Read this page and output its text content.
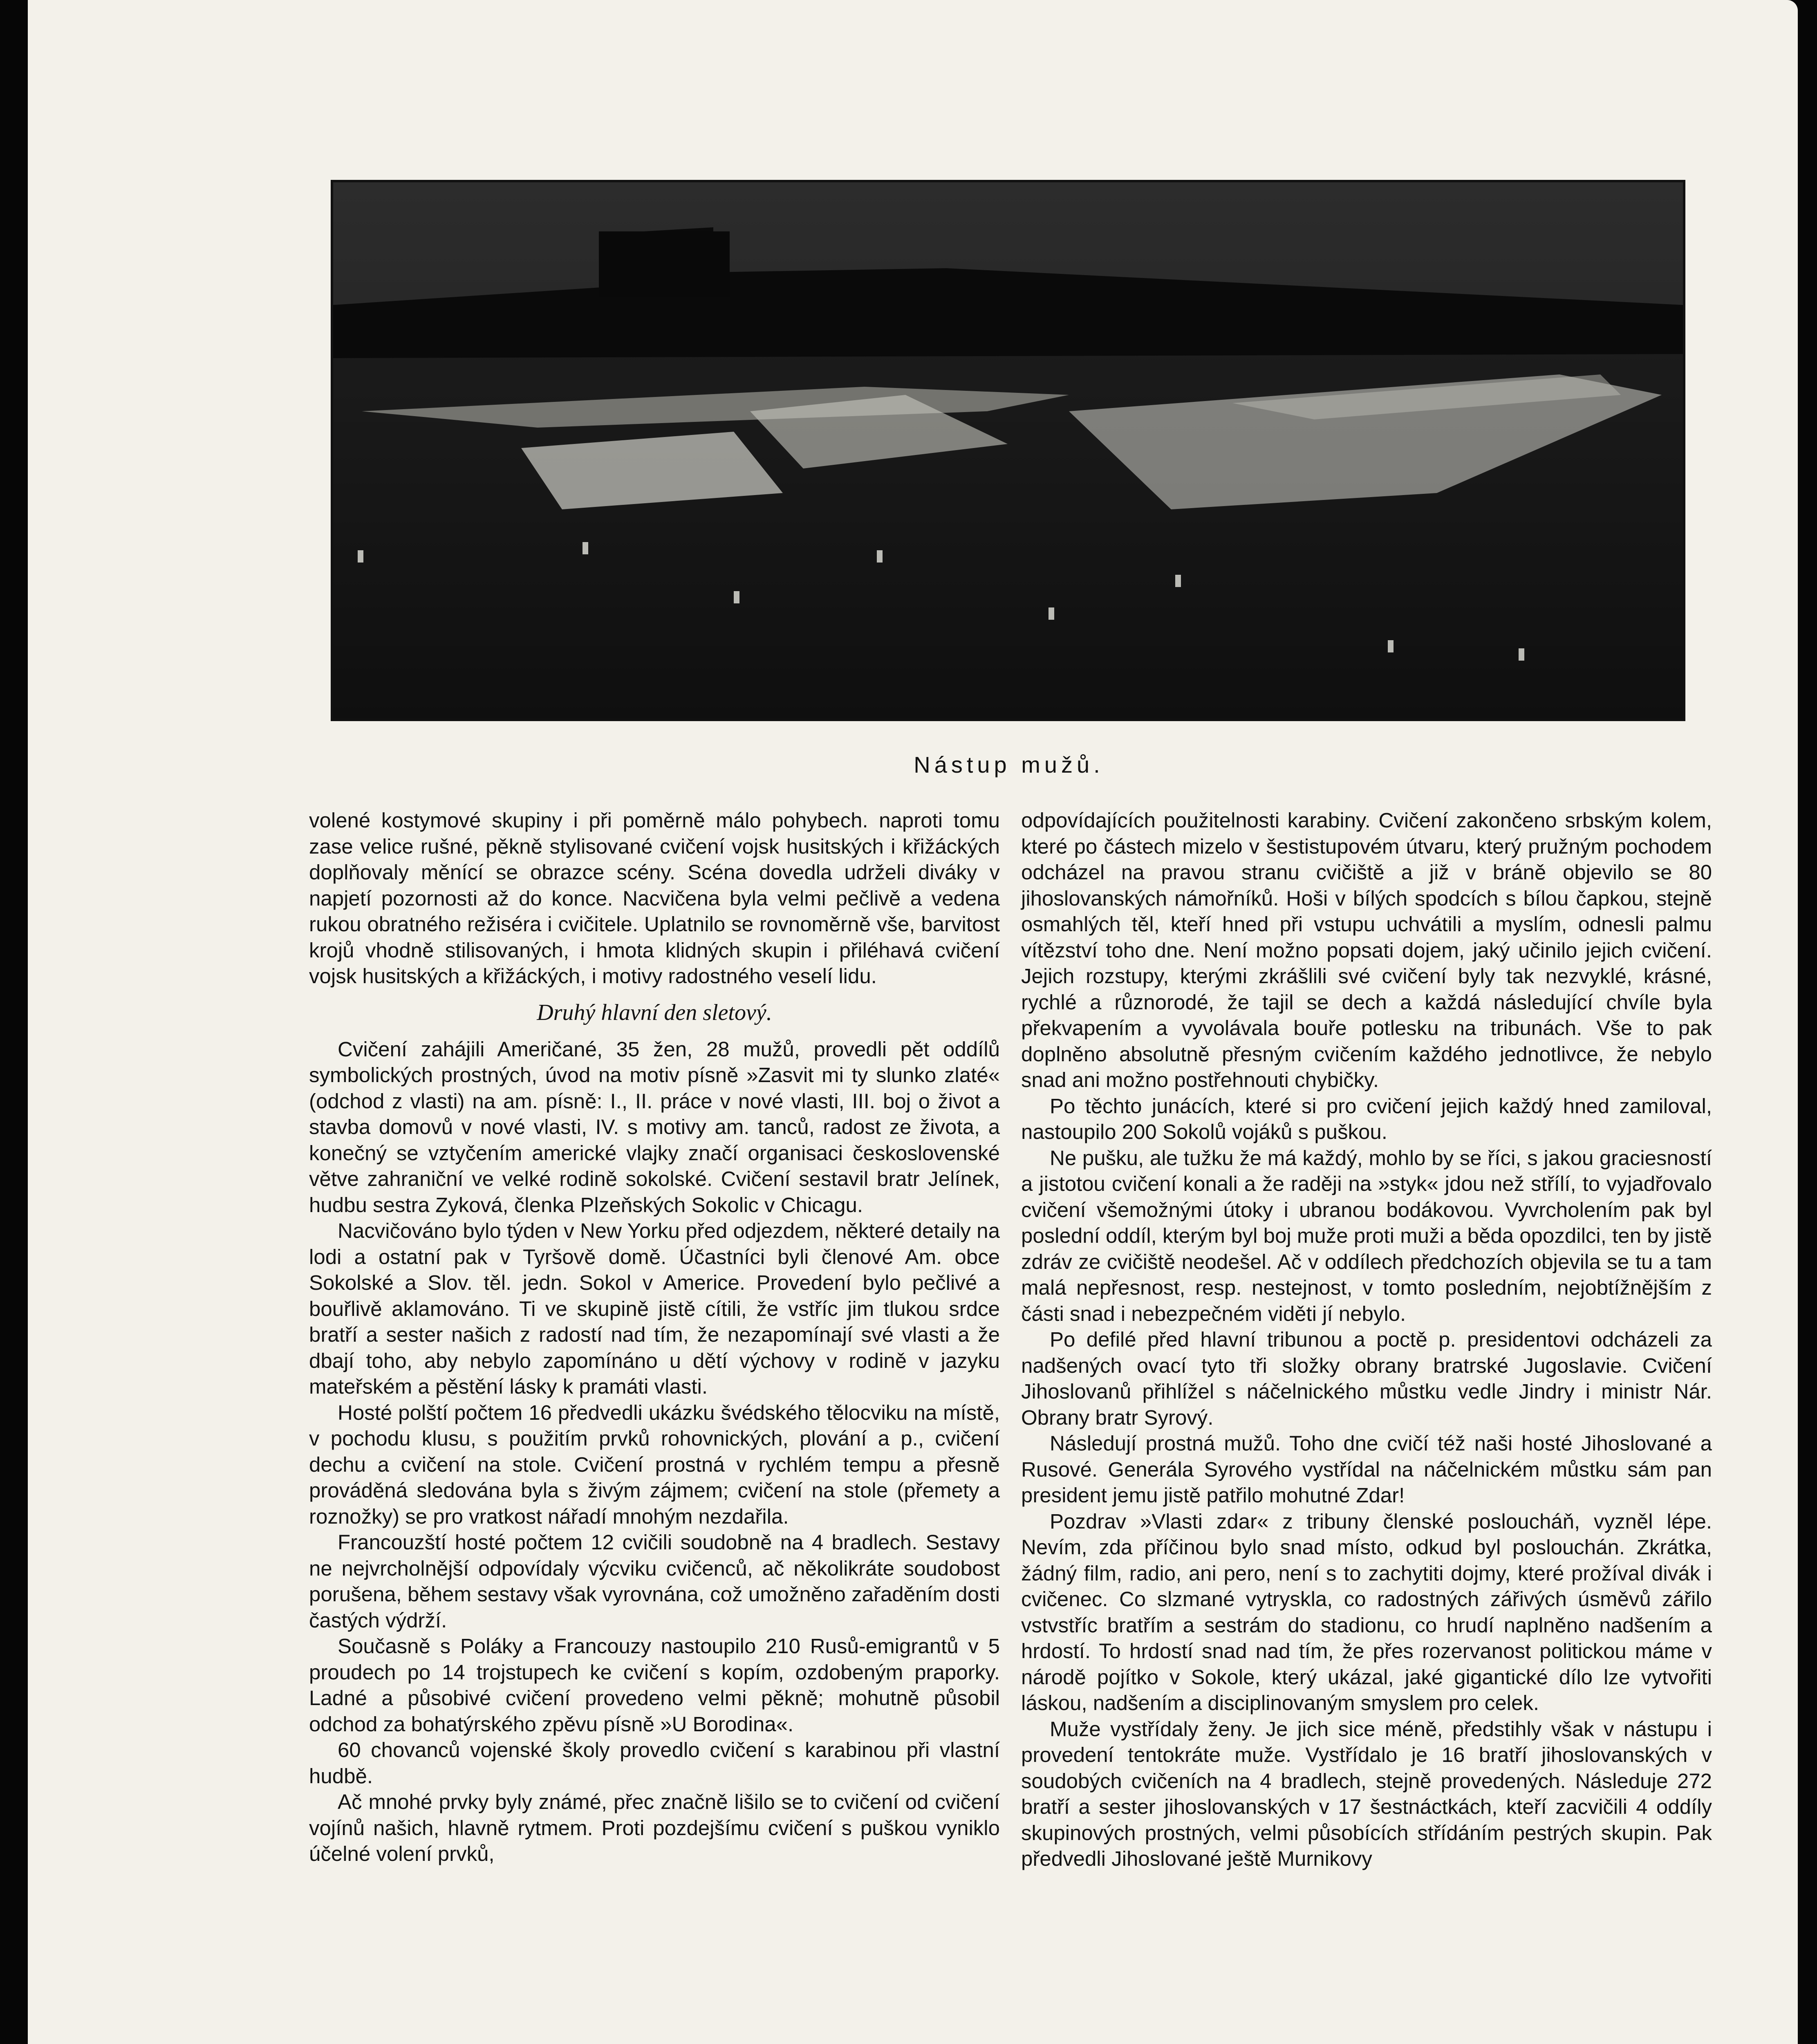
Nástup mužů.

volené kostymové skupiny i při poměrně málo pohybech. naproti tomu zase velice rušné, pěkně stylisované cvičení vojsk husitských i křižáckých doplňovaly měnící se obrazce scény. Scéna dovedla udrželi diváky v napjetí pozornosti až do konce. Nacvičena byla velmi pečlivě a vedena rukou obratného režiséra i cvičitele. Uplatnilo se rovnoměrně vše, barvitost krojů vhodně stilisovaných, i hmota klidných skupin i přiléhavá cvičení vojsk husitských a křižáckých, i motivy radostného veselí lidu.

Druhý hlavní den sletový.

Cvičení zahájili Američané, 35 žen, 28 mužů, provedli pět oddílů symbolických prostných, úvod na motiv písně »Zasvit mi ty slunko zlaté« (odchod z vlasti) na am. písně: I., II. práce v nové vlasti, III. boj o život a stavba domovů v nové vlasti, IV. s motivy am. tanců, radost ze života, a konečný se vztyčením americké vlajky značí organisaci československé větve zahraniční ve velké rodině sokolské. Cvičení sestavil bratr Jelínek, hudbu sestra Zyková, členka Plzeňských Sokolic v Chicagu.

Nacvičováno bylo týden v New Yorku před odjezdem, některé detaily na lodi a ostatní pak v Tyršově domě. Účastníci byli členové Am. obce Sokolské a Slov. těl. jedn. Sokol v Americe. Provedení bylo pečlivé a bouřlivě aklamováno. Ti ve skupině jistě cítili, že vstříc jim tlukou srdce bratří a sester našich z radostí nad tím, že nezapomínají své vlasti a že dbají toho, aby nebylo zapomínáno u dětí výchovy v rodině v jazyku mateřském a pěstění lásky k pramáti vlasti.

Hosté polští počtem 16 předvedli ukázku švédského tělocviku na místě, v pochodu klusu, s použitím prvků rohovnických, plování a p., cvičení dechu a cvičení na stole. Cvičení prostná v rychlém tempu a přesně prováděná sledována byla s živým zájmem; cvičení na stole (přemety a roznožky) se pro vratkost nářadí mnohým nezdařila.

Francouzští hosté počtem 12 cvičili soudobně na 4 bradlech. Sestavy ne nejvrcholnější odpovídaly výcviku cvičenců, ač několikráte soudobost porušena, během sestavy však vyrovnána, což umožněno zařaděním dosti častých výdrží.

Současně s Poláky a Francouzy nastoupilo 210 Rusů-emigrantů v 5 proudech po 14 trojstupech ke cvičení s kopím, ozdobeným praporky. Ladné a působivé cvičení provedeno velmi pěkně; mohutně působil odchod za bohatýrského zpěvu písně »U Borodina«.

60 chovanců vojenské školy provedlo cvičení s karabinou při vlastní hudbě.

Ač mnohé prvky byly známé, přec značně lišilo se to cvičení od cvičení vojínů našich, hlavně rytmem. Proti pozdejšímu cvičení s puškou vyniklo účelné volení prvků,

odpovídajících použitelnosti karabiny. Cvičení zakončeno srbským kolem, které po částech mizelo v šestistupovém útvaru, který pružným pochodem odcházel na pravou stranu cvičiště a již v bráně objevilo se 80 jihoslovanských námořníků. Hoši v bílých spodcích s bílou čapkou, stejně osmahlých těl, kteří hned při vstupu uchvátili a myslím, odnesli palmu vítězství toho dne. Není možno popsati dojem, jaký učinilo jejich cvičení. Jejich rozstupy, kterými zkrášlili své cvičení byly tak nezvyklé, krásné, rychlé a různorodé, že tajil se dech a každá následující chvíle byla překvapením a vyvolávala bouře potlesku na tribunách. Vše to pak doplněno absolutně přesným cvičením každého jednotlivce, že nebylo snad ani možno postřehnouti chybičky.

Po těchto junácích, které si pro cvičení jejich každý hned zamiloval, nastoupilo 200 Sokolů vojáků s puškou.

Ne pušku, ale tužku že má každý, mohlo by se říci, s jakou graciesností a jistotou cvičení konali a že raději na »styk« jdou než střílí, to vyjadřovalo cvičení všemožnými útoky i ubranou bodákovou. Vyvrcholením pak byl poslední oddíl, kterým byl boj muže proti muži a běda opozdilci, ten by jistě zdráv ze cvičiště neodešel. Ač v oddílech předchozích objevila se tu a tam malá nepřesnost, resp. nestejnost, v tomto posledním, nejobtížnějším z části snad i nebezpečném viděti jí nebylo.

Po defilé před hlavní tribunou a poctě p. presidentovi odcházeli za nadšených ovací tyto tři složky obrany bratrské Jugoslavie. Cvičení Jihoslovanů přihlížel s náčelnického můstku vedle Jindry i ministr Nár. Obrany bratr Syrový.

Následují prostná mužů. Toho dne cvičí též naši hosté Jihoslované a Rusové. Generála Syrového vystřídal na náčelnickém můstku sám pan president jemu jistě patřilo mohutné Zdar!

Pozdrav »Vlasti zdar« z tribuny členské posloucháň, vyzněl lépe. Nevím, zda příčinou bylo snad místo, odkud byl poslouchán. Zkrátka, žádný film, radio, ani pero, není s to zachytiti dojmy, které prožíval divák i cvičenec. Co slzmané vytryskla, co radostných zářivých úsměvů zářilo vstvstříc bratřím a sestrám do stadionu, co hrudí naplněno nadšením a hrdostí. To hrdostí snad nad tím, že přes rozervanost politickou máme v národě pojítko v Sokole, který ukázal, jaké gigantické dílo lze vytvořiti láskou, nadšením a disciplinovaným smyslem pro celek.

Muže vystřídaly ženy. Je jich sice méně, předstihly však v nástupu i provedení tentokráte muže. Vystřídalo je 16 bratří jihoslovanských v soudobých cvičeních na 4 bradlech, stejně provedených. Následuje 272 bratří a sester jihoslovanských v 17 šestnáctkách, kteří zacvičili 4 oddíly skupinových prostných, velmi působících střídáním pestrých skupin. Pak předvedli Jihoslované ještě Murnikovy
